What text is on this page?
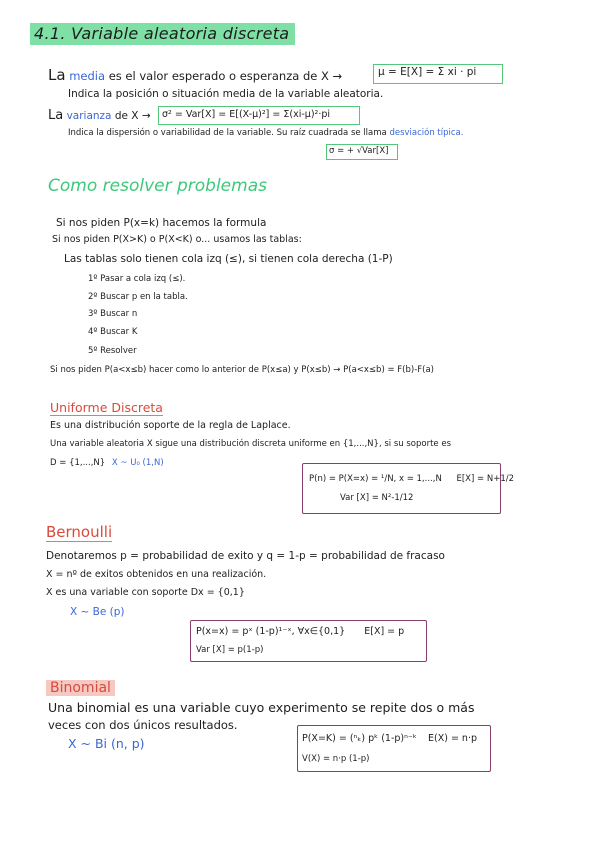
4.1. Variable aleatoria discreta
La media es el valor esperado o esperanza de X →	μ = E[X] = Σ xi · pi
Indica la posición o situación media de la variable aleatoria.
La varianza de X → σ² = Var[X] = E[(X-μ)²] = Σ(xi-μ)²·pi
Indica la dispersión o variabilidad de la variable. Su raíz cuadrada se llama desviación típica.
σ = + √Var[X]
Como resolver problemas
Si nos piden P(x=k) hacemos la formula
Si nos piden P(X>K) o P(X<K) o... usamos las tablas:
Las tablas solo tienen cola izq (≤), si tienen cola derecha (1-P)
1º Pasar a cola izq (≤).
2º Buscar p en la tabla.
3º Buscar n
4º Buscar K
5º Resolver
Si nos piden P(a<x≤b) hacer como lo anterior de P(x≤a) y P(x≤b) → P(a<x≤b) = F(b)-F(a)
Uniforme Discreta
Es una distribución soporte de la regla de Laplace.
Una variable aleatoria X sigue una distribución discreta uniforme en {1,...,N}, si su soporte es
D = {1,...,N} X ~ U₀ (1,N)
P(n) = P(X=x) = ¹/N, x = 1,...,N E[X] = N+1/2
Var [X] = N²-1/12
Bernoulli
Denotaremos p = probabilidad de exito y q = 1-p = probabilidad de fracaso
X = nº de exitos obtenidos en una realización.
X es una variable con soporte Dx = {0,1}
X ~ Be (p)
P(x=x) = pˣ (1-p)¹⁻ˣ, ∀x∈{0,1} E[X] = p
Var [X] = p(1-p)
Binomial
Una binomial es una variable cuyo experimento se repite dos o más
veces con dos únicos resultados.
X ~ Bi (n, p)	P(X=K) = (ⁿₖ) pᵏ (1-p)ⁿ⁻ᵏ E(X) = n·p
V(X) = n·p (1-p)
